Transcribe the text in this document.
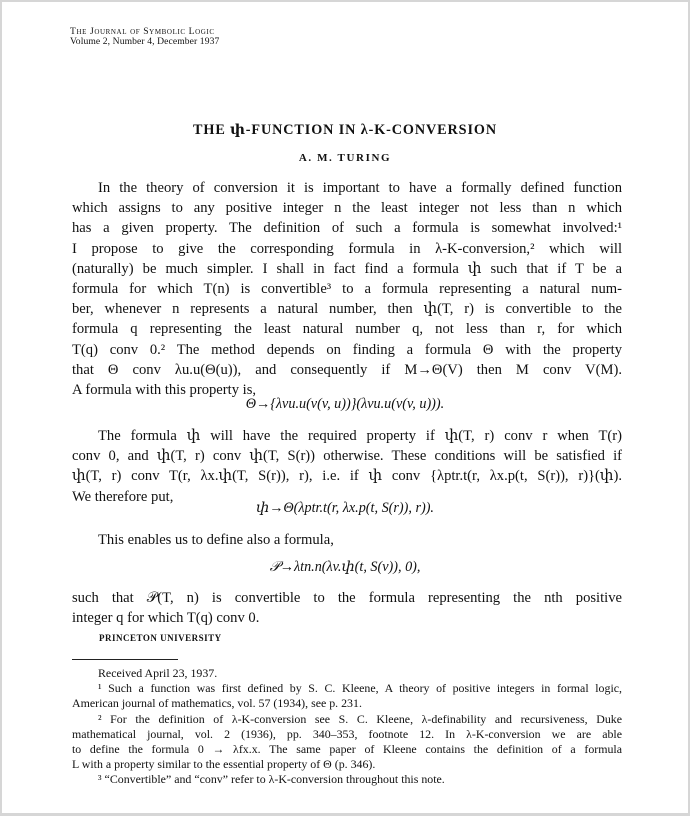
The Journal of Symbolic Logic
Volume 2, Number 4, December 1937
THE փ-FUNCTION IN λ-K-CONVERSION
A. M. TURING
In the theory of conversion it is important to have a formally defined function
which assigns to any positive integer n the least integer not less than n which
has a given property. The definition of such a formula is somewhat involved:¹
I propose to give the corresponding formula in λ-K-conversion,² which will
(naturally) be much simpler. I shall in fact find a formula փ such that if T be a
formula for which T(n) is convertible³ to a formula representing a natural num-
ber, whenever n represents a natural number, then փ(T, r) is convertible to the
formula q representing the least natural number q, not less than r, for which
T(q) conv 0.² The method depends on finding a formula Θ with the property
that Θ conv λu.u(Θ(u)), and consequently if M→Θ(V) then M conv V(M).
A formula with this property is,
Θ→{λvu.u(v(v, u))}(λvu.u(v(v, u))).
The formula փ will have the required property if փ(T, r) conv r when T(r)
conv 0, and փ(T, r) conv փ(T, S(r)) otherwise. These conditions will be satisfied if
փ(T, r) conv T(r, λx.փ(T, S(r)), r), i.e. if փ conv {λptr.t(r, λx.p(t, S(r)), r)}(փ).
We therefore put,
փ→Θ(λptr.t(r, λx.p(t, S(r)), r)).
This enables us to define also a formula,
𝒫→λtn.n(λv.փ(t, S(v)), 0),
such that 𝒫(T, n) is convertible to the formula representing the nth positive
integer q for which T(q) conv 0.
PRINCETON UNIVERSITY
Received April 23, 1937.
¹ Such a function was first defined by S. C. Kleene, A theory of positive integers in formal logic,
American journal of mathematics, vol. 57 (1934), see p. 231.
² For the definition of λ-K-conversion see S. C. Kleene, λ-definability and recursiveness, Duke
mathematical journal, vol. 2 (1936), pp. 340–353, footnote 12. In λ-K-conversion we are able
to define the formula 0 → λfx.x. The same paper of Kleene contains the definition of a formula
L with a property similar to the essential property of Θ (p. 346).
³ “Convertible” and “conv” refer to λ-K-conversion throughout this note.
